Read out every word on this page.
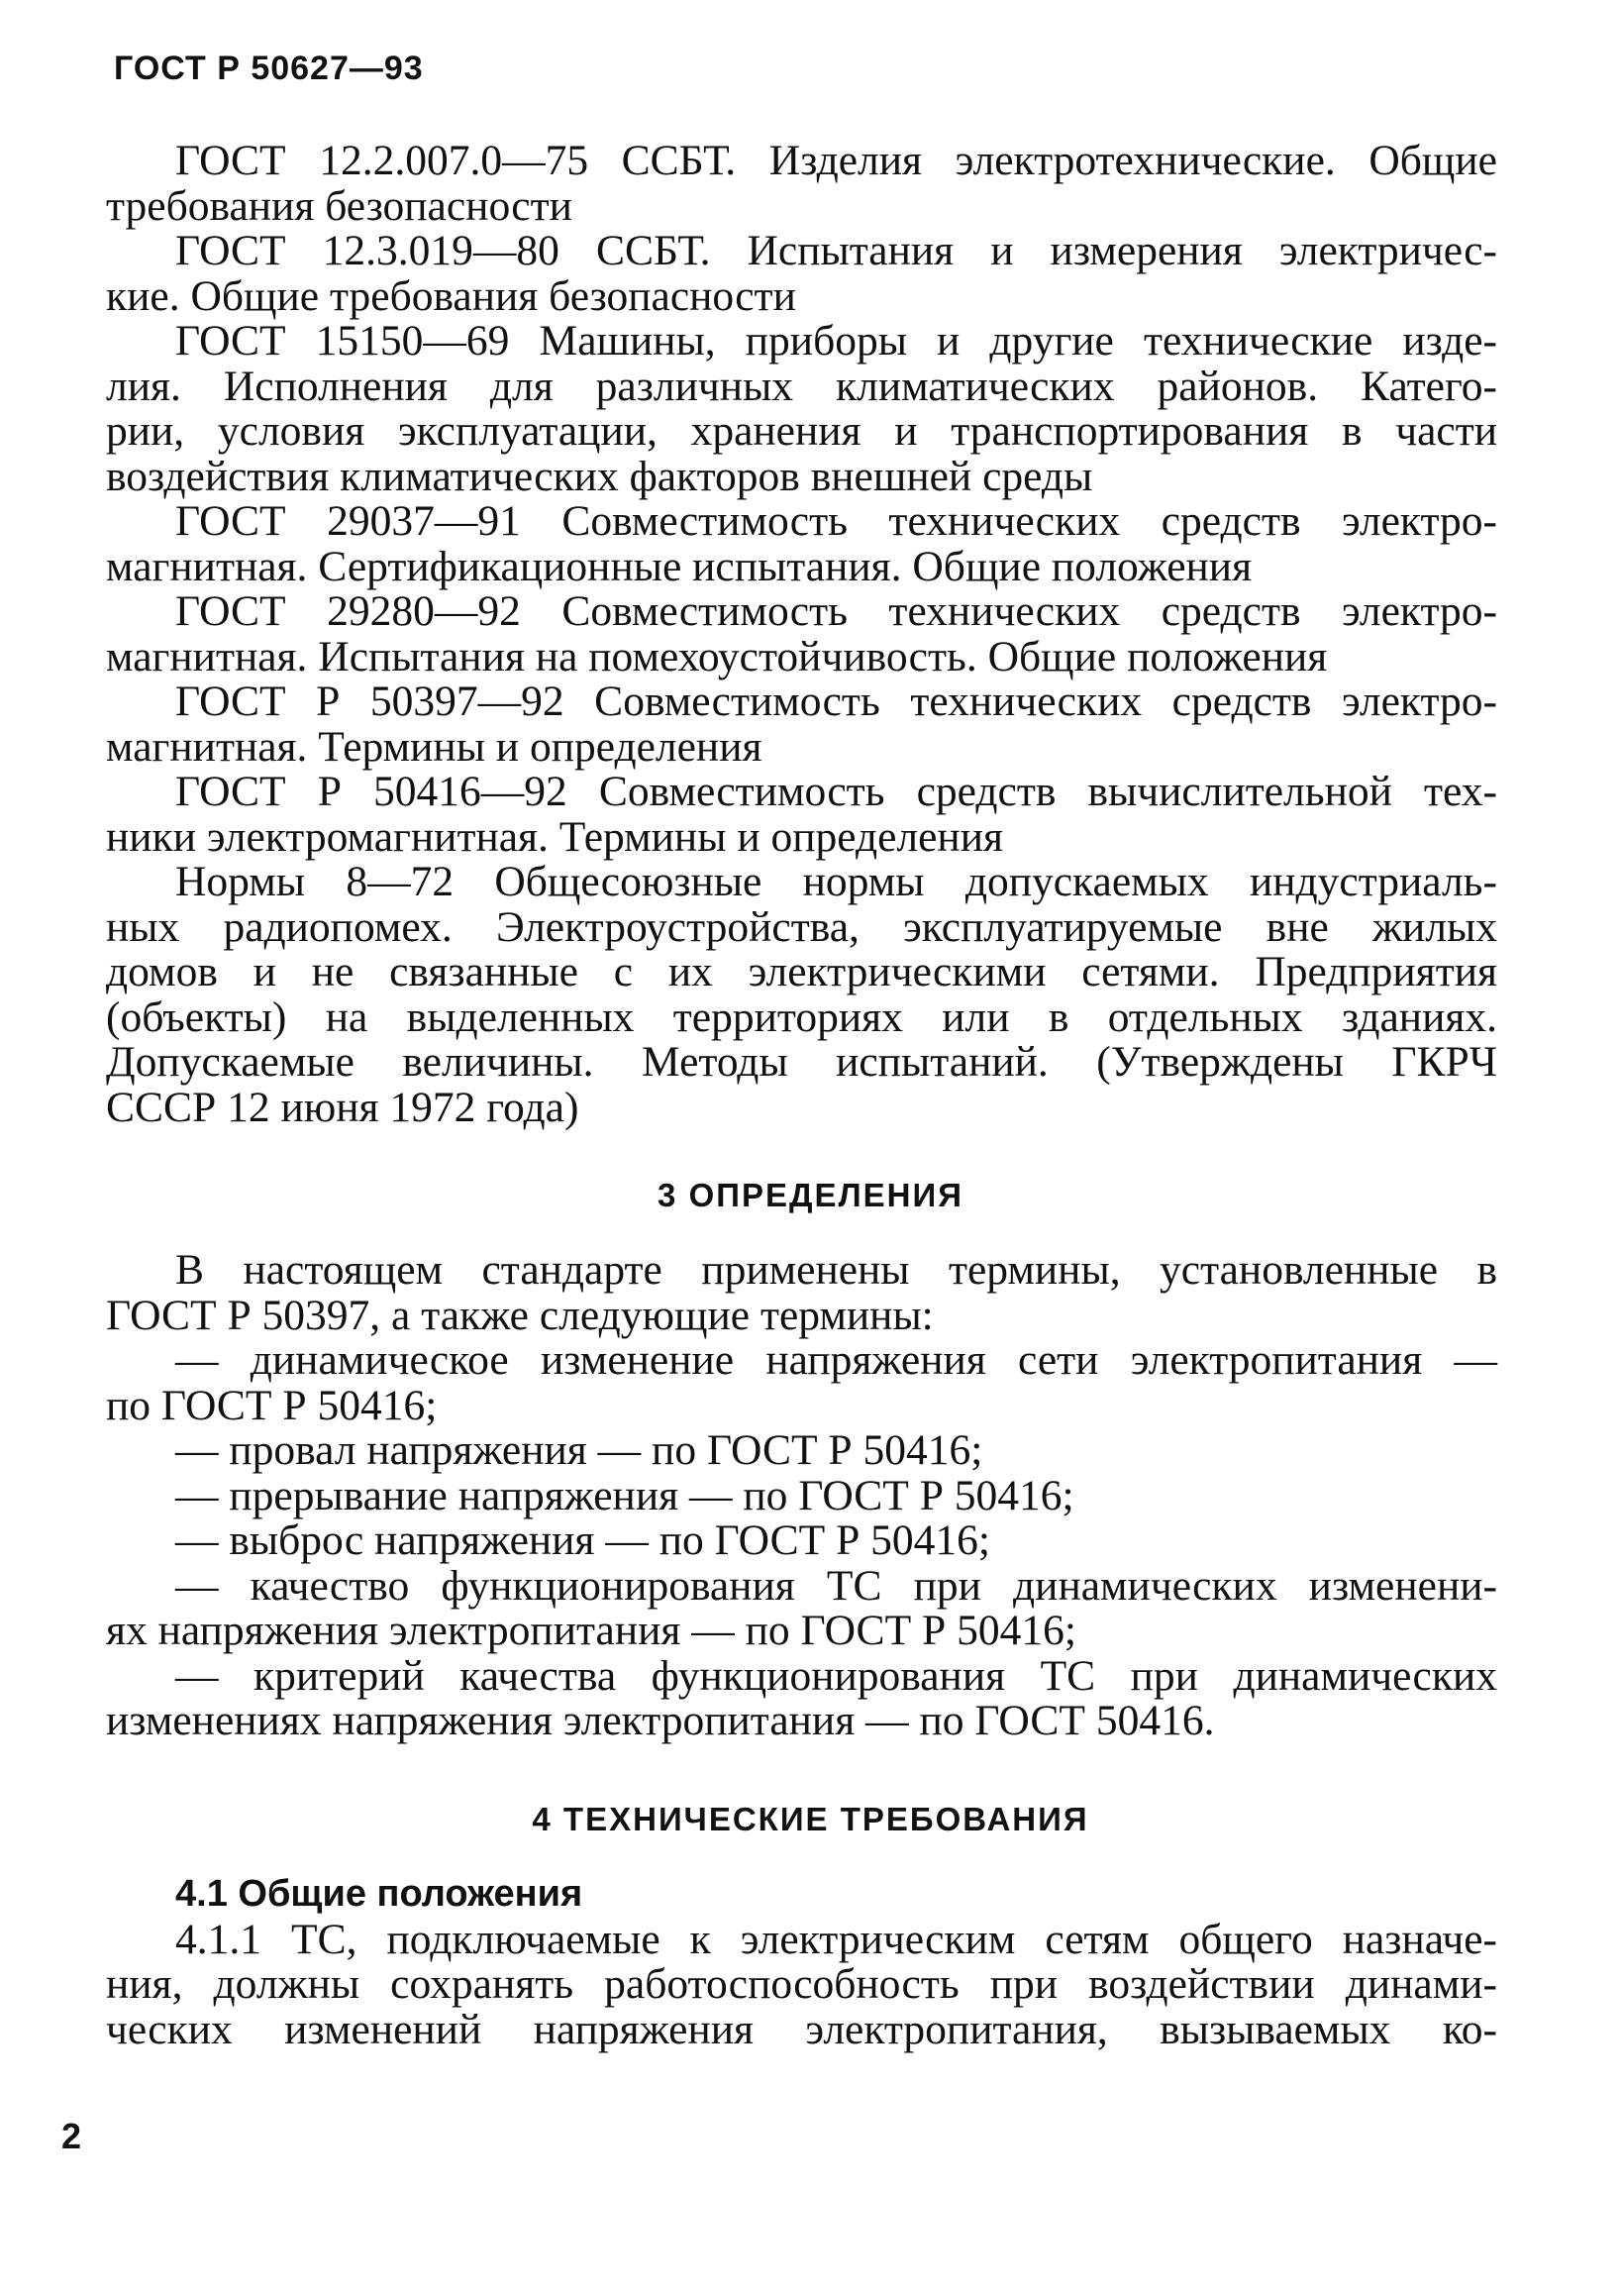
ГОСТ Р 50627—93
ГОСТ 12.2.007.0—75 ССБТ. Изделия электротехнические. Общие
требования безопасности
ГОСТ 12.3.019—80 ССБТ. Испытания и измерения электричес-
кие. Общие требования безопасности
ГОСТ 15150—69 Машины, приборы и другие технические изде-
лия. Исполнения для различных климатических районов. Катего-
рии, условия эксплуатации, хранения и транспортирования в части
воздействия климатических факторов внешней среды
ГОСТ 29037—91 Совместимость технических средств электро-
магнитная. Сертификационные испытания. Общие положения
ГОСТ 29280—92 Совместимость технических средств электро-
магнитная. Испытания на помехоустойчивость. Общие положения
ГОСТ Р 50397—92 Совместимость технических средств электро-
магнитная. Термины и определения
ГОСТ Р 50416—92 Совместимость средств вычислительной тех-
ники электромагнитная. Термины и определения
Нормы 8—72 Общесоюзные нормы допускаемых индустриаль-
ных радиопомех. Электроустройства, эксплуатируемые вне жилых
домов и не связанные с их электрическими сетями. Предприятия
(объекты) на выделенных территориях или в отдельных зданиях.
Допускаемые величины. Методы испытаний. (Утверждены ГКРЧ
СССР 12 июня 1972 года)
3 ОПРЕДЕЛЕНИЯ
В настоящем стандарте применены термины, установленные в
ГОСТ Р 50397, а также следующие термины:
— динамическое изменение напряжения сети электропитания —
по ГОСТ Р 50416;
— провал напряжения — по ГОСТ Р 50416;
— прерывание напряжения — по ГОСТ Р 50416;
— выброс напряжения — по ГОСТ Р 50416;
— качество функционирования ТС при динамических изменени-
ях напряжения электропитания — по ГОСТ Р 50416;
— критерий качества функционирования ТС при динамических
изменениях напряжения электропитания — по ГОСТ 50416.
4 ТЕХНИЧЕСКИЕ ТРЕБОВАНИЯ
4.1 Общие положения
4.1.1 ТС, подключаемые к электрическим сетям общего назначе-
ния, должны сохранять работоспособность при воздействии динами-
ческих изменений напряжения электропитания, вызываемых ко-
2
